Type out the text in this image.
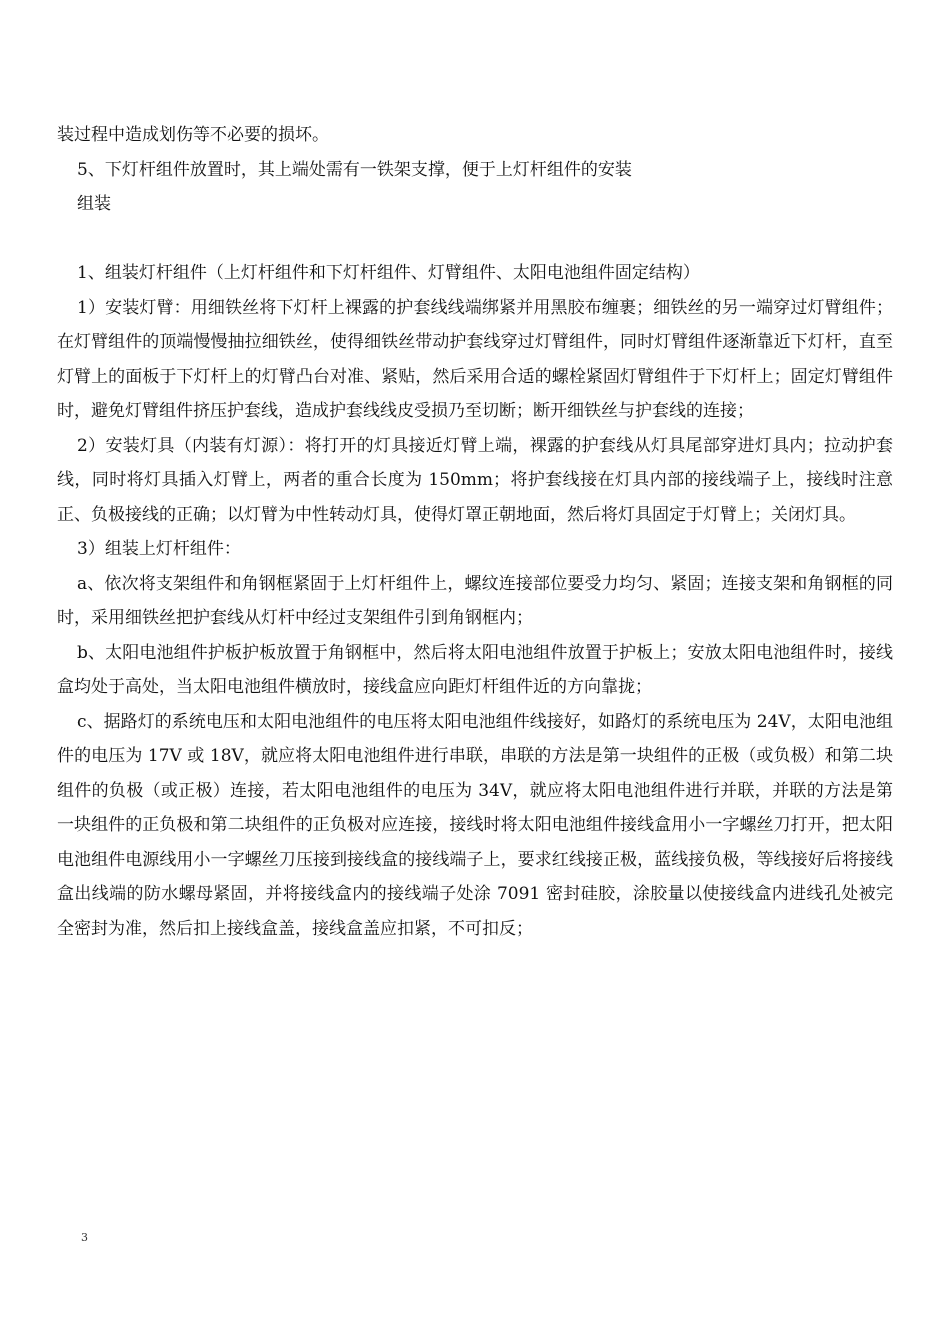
装过程中造成划伤等不必要的损坏。

5、下灯杆组件放置时，其上端处需有一铁架支撑，便于上灯杆组件的安装

组装

1、组装灯杆组件（上灯杆组件和下灯杆组件、灯臂组件、太阳电池组件固定结构）

1）安装灯臂：用细铁丝将下灯杆上裸露的护套线线端绑紧并用黑胶布缠裹；细铁丝的另一端穿过灯臂组件；在灯臂组件的顶端慢慢抽拉细铁丝，使得细铁丝带动护套线穿过灯臂组件，同时灯臂组件逐渐靠近下灯杆，直至灯臂上的面板于下灯杆上的灯臂凸台对准、紧贴，然后采用合适的螺栓紧固灯臂组件于下灯杆上；固定灯臂组件时，避免灯臂组件挤压护套线，造成护套线线皮受损乃至切断；断开细铁丝与护套线的连接；

2）安装灯具（内装有灯源）：将打开的灯具接近灯臂上端，裸露的护套线从灯具尾部穿进灯具内；拉动护套线，同时将灯具插入灯臂上，两者的重合长度为 150mm；将护套线接在灯具内部的接线端子上，接线时注意正、负极接线的正确；以灯臂为中性转动灯具，使得灯罩正朝地面，然后将灯具固定于灯臂上；关闭灯具。

3）组装上灯杆组件：

a、依次将支架组件和角钢框紧固于上灯杆组件上，螺纹连接部位要受力均匀、紧固；连接支架和角钢框的同时，采用细铁丝把护套线从灯杆中经过支架组件引到角钢框内；

b、太阳电池组件护板护板放置于角钢框中，然后将太阳电池组件放置于护板上；安放太阳电池组件时，接线盒均处于高处，当太阳电池组件横放时，接线盒应向距灯杆组件近的方向靠拢；

c、据路灯的系统电压和太阳电池组件的电压将太阳电池组件线接好，如路灯的系统电压为 24V，太阳电池组件的电压为 17V 或 18V，就应将太阳电池组件进行串联，串联的方法是第一块组件的正极（或负极）和第二块组件的负极（或正极）连接，若太阳电池组件的电压为 34V，就应将太阳电池组件进行并联，并联的方法是第一块组件的正负极和第二块组件的正负极对应连接，接线时将太阳电池组件接线盒用小一字螺丝刀打开，把太阳电池组件电源线用小一字螺丝刀压接到接线盒的接线端子上，要求红线接正极，蓝线接负极，等线接好后将接线盒出线端的防水螺母紧固，并将接线盒内的接线端子处涂 7091 密封硅胶，涂胶量以使接线盒内进线孔处被完全密封为准，然后扣上接线盒盖，接线盒盖应扣紧，不可扣反；

3
